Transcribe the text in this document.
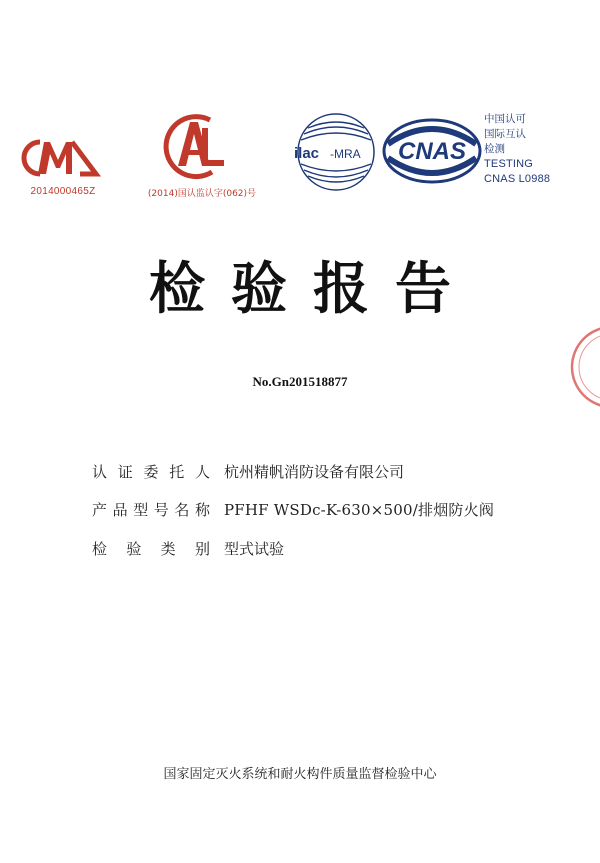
2014000465Z	(2014)国认监认字(062)号
ilac -MRA CNAS
中国认可
国际互认
检测
TESTING
CNAS L0988
检验报告
No.Gn201518877
认证委托人 杭州精帆消防设备有限公司
产品型号名称 PFHF WSDc-K-630×500/排烟防火阀
检验类别 型式试验
国家固定灭火系统和耐火构件质量监督检验中心
